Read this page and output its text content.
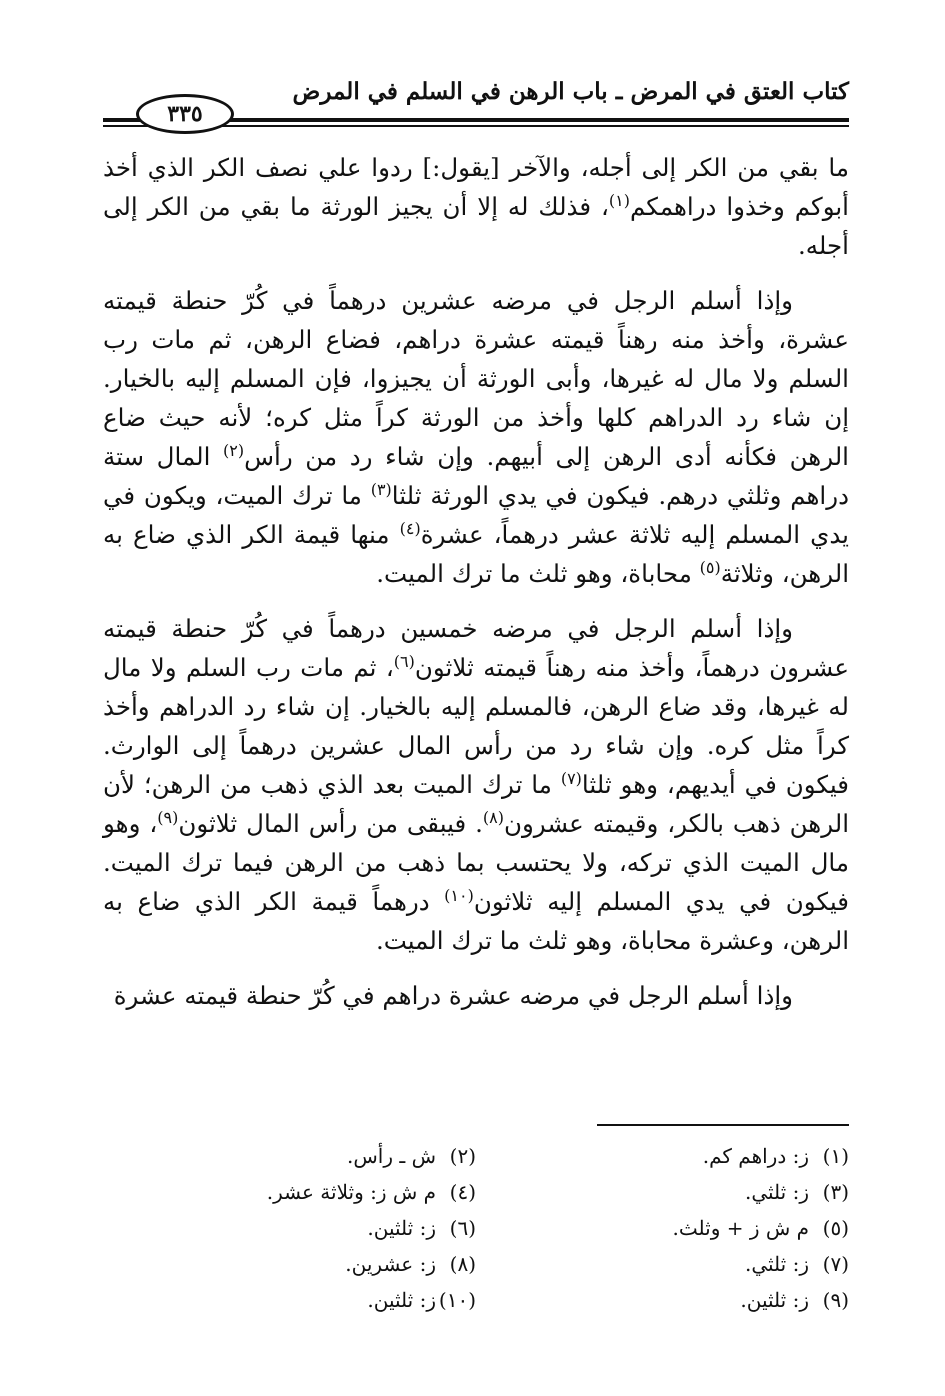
كتاب العتق في المرض ـ باب الرهن في السلم في المرض
٣٣٥

ما بقي من الكر إلى أجله، والآخر [يقول:] ردوا علي نصف الكر الذي أخذ أبوكم وخذوا دراهمكم$^{(١)}$، فذلك له إلا أن يجيز الورثة ما بقي من الكر إلى أجله.

وإذا أسلم الرجل في مرضه عشرين درهماً في كُرّ حنطة قيمته عشرة، وأخذ منه رهناً قيمته عشرة دراهم، فضاع الرهن، ثم مات رب السلم ولا مال له غيرها، وأبى الورثة أن يجيزوا، فإن المسلم إليه بالخيار. إن شاء رد الدراهم كلها وأخذ من الورثة كراً مثل كره؛ لأنه حيث ضاع الرهن فكأنه أدى الرهن إلى أبيهم. وإن شاء رد من رأس$^{(٢)}$ المال ستة دراهم وثلثي درهم. فيكون في يدي الورثة ثلثا$^{(٣)}$ ما ترك الميت، ويكون في يدي المسلم إليه ثلاثة عشر درهماً، عشرة$^{(٤)}$ منها قيمة الكر الذي ضاع به الرهن، وثلاثة$^{(٥)}$ محاباة، وهو ثلث ما ترك الميت.

وإذا أسلم الرجل في مرضه خمسين درهماً في كُرّ حنطة قيمته عشرون درهماً، وأخذ منه رهناً قيمته ثلاثون$^{(٦)}$، ثم مات رب السلم ولا مال له غيرها، وقد ضاع الرهن، فالمسلم إليه بالخيار. إن شاء رد الدراهم وأخذ كراً مثل كره. وإن شاء رد من رأس المال عشرين درهماً إلى الوارث. فيكون في أيديهم، وهو ثلثا$^{(٧)}$ ما ترك الميت بعد الذي ذهب من الرهن؛ لأن الرهن ذهب بالكر، وقيمته عشرون$^{(٨)}$. فيبقى من رأس المال ثلاثون$^{(٩)}$، وهو مال الميت الذي تركه، ولا يحتسب بما ذهب من الرهن فيما ترك الميت. فيكون في يدي المسلم إليه ثلاثون$^{(١٠)}$ درهماً قيمة الكر الذي ضاع به الرهن، وعشرة محاباة، وهو ثلث ما ترك الميت.

وإذا أسلم الرجل في مرضه عشرة دراهم في كُرّ حنطة قيمته عشرة

(١)ز: دراهم كم.
(٢)ش ـ رأس.
(٣)ز: ثلثي.
(٤)م ش ز: وثلاثة عشر.
(٥)م ش ز + وثلث.
(٦)ز: ثلثين.
(٧)ز: ثلثي.
(٨)ز: عشرين.
(٩)ز: ثلثين.
(١٠)ز: ثلثين.
